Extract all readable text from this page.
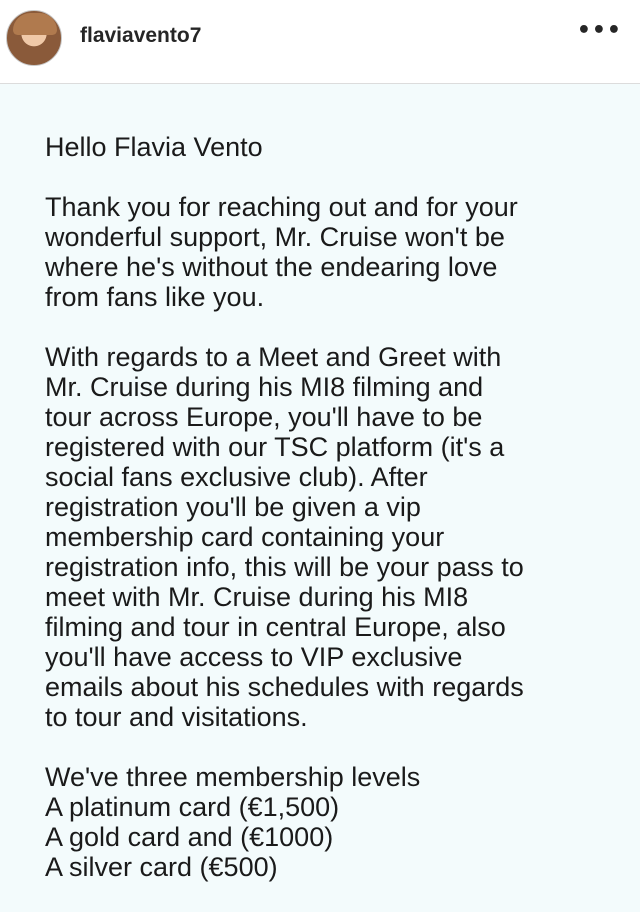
flaviavento7	•••
Hello Flavia Vento
Thank you for reaching out and for your
wonderful support, Mr. Cruise won't be
where he's without the endearing love
from fans like you.
With regards to a Meet and Greet with
Mr. Cruise during his MI8 filming and
tour across Europe, you'll have to be
registered with our TSC platform (it's a
social fans exclusive club). After
registration you'll be given a vip
membership card containing your
registration info, this will be your pass to
meet with Mr. Cruise during his MI8
filming and tour in central Europe, also
you'll have access to VIP exclusive
emails about his schedules with regards
to tour and visitations.
We've three membership levels
A platinum card (€1,500)
A gold card and (€1000)
A silver card (€500)
